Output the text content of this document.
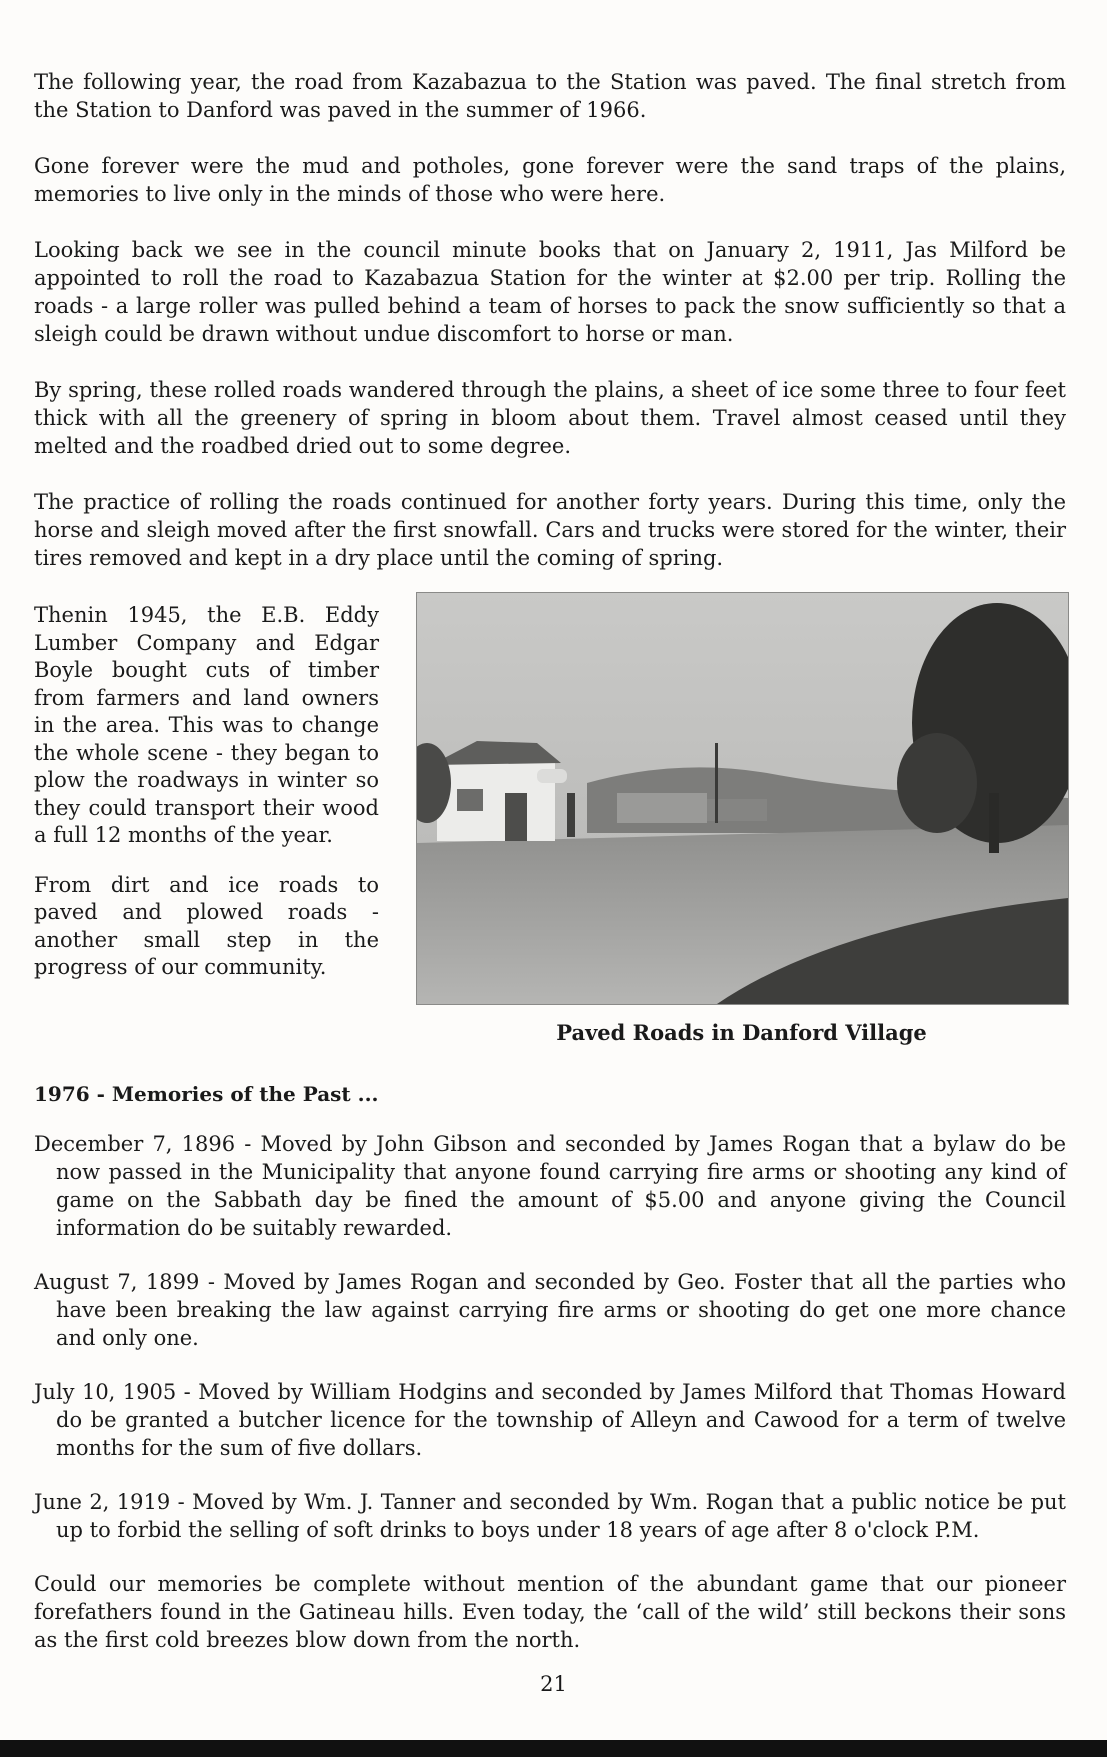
The following year, the road from Kazabazua to the Station was paved. The final stretch from the Station to Danford was paved in the summer of 1966.

Gone forever were the mud and potholes, gone forever were the sand traps of the plains, memories to live only in the minds of those who were here.

Looking back we see in the council minute books that on January 2, 1911, Jas Milford be appointed to roll the road to Kazabazua Station for the winter at $2.00 per trip. Rolling the roads - a large roller was pulled behind a team of horses to pack the snow sufficiently so that a sleigh could be drawn without undue discomfort to horse or man.

By spring, these rolled roads wandered through the plains, a sheet of ice some three to four feet thick with all the greenery of spring in bloom about them. Travel almost ceased until they melted and the roadbed dried out to some degree.

The practice of rolling the roads continued for another forty years. During this time, only the horse and sleigh moved after the first snowfall. Cars and trucks were stored for the winter, their tires removed and kept in a dry place until the coming of spring.

Thenin 1945, the E.B. Eddy Lumber Company and Edgar Boyle bought cuts of timber from farmers and land owners in the area. This was to change the whole scene - they began to plow the roadways in winter so they could transport their wood a full 12 months of the year.

From dirt and ice roads to paved and plowed roads - another small step in the progress of our community.

Paved Roads in Danford Village

1976 - Memories of the Past ...

December 7, 1896 - Moved by John Gibson and seconded by James Rogan that a bylaw do be now passed in the Municipality that anyone found carrying fire arms or shooting any kind of game on the Sabbath day be fined the amount of $5.00 and anyone giving the Council information do be suitably rewarded.

August 7, 1899 - Moved by James Rogan and seconded by Geo. Foster that all the parties who have been breaking the law against carrying fire arms or shooting do get one more chance and only one.

July 10, 1905 - Moved by William Hodgins and seconded by James Milford that Thomas Howard do be granted a butcher licence for the township of Alleyn and Cawood for a term of twelve months for the sum of five dollars.

June 2, 1919 - Moved by Wm. J. Tanner and seconded by Wm. Rogan that a public notice be put up to forbid the selling of soft drinks to boys under 18 years of age after 8 o'clock P.M.

Could our memories be complete without mention of the abundant game that our pioneer forefathers found in the Gatineau hills. Even today, the ‘call of the wild’ still beckons their sons as the first cold breezes blow down from the north.

21
